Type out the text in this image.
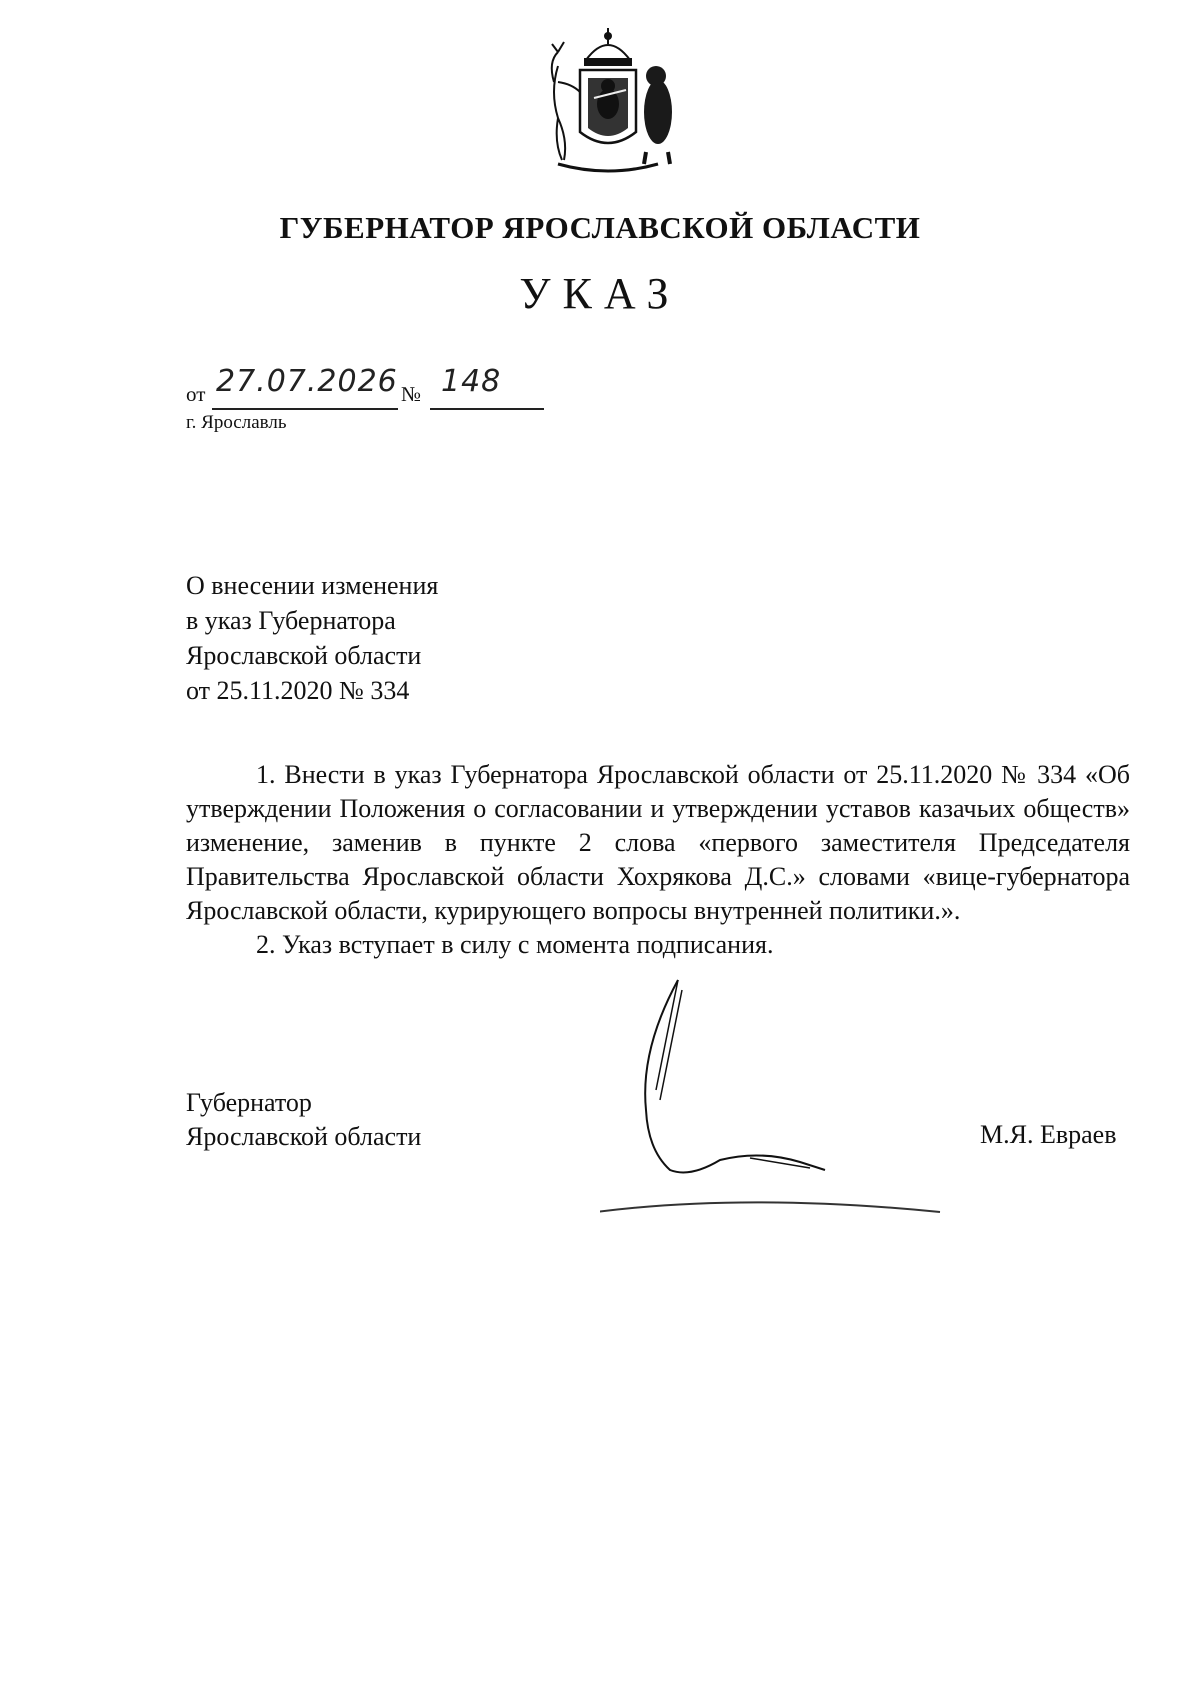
ГУБЕРНАТОР ЯРОСЛАВСКОЙ ОБЛАСТИ
УКАЗ
от 27.07.2026 № 148
г. Ярославль
О внесении изменения
в указ Губернатора
Ярославской области
от 25.11.2020 № 334

1. Внести в указ Губернатора Ярославской области от 25.11.2020 № 334 «Об утверждении Положения о согласовании и утверждении уставов казачьих обществ» изменение, заменив в пункте 2 слова «первого заместителя Председателя Правительства Ярославской области Хохрякова Д.С.» словами «вице-губернатора Ярославской области, курирующего вопросы внутренней политики.».

2. Указ вступает в силу с момента подписания.

Губернатор
Ярославской области	М.Я. Евраев
